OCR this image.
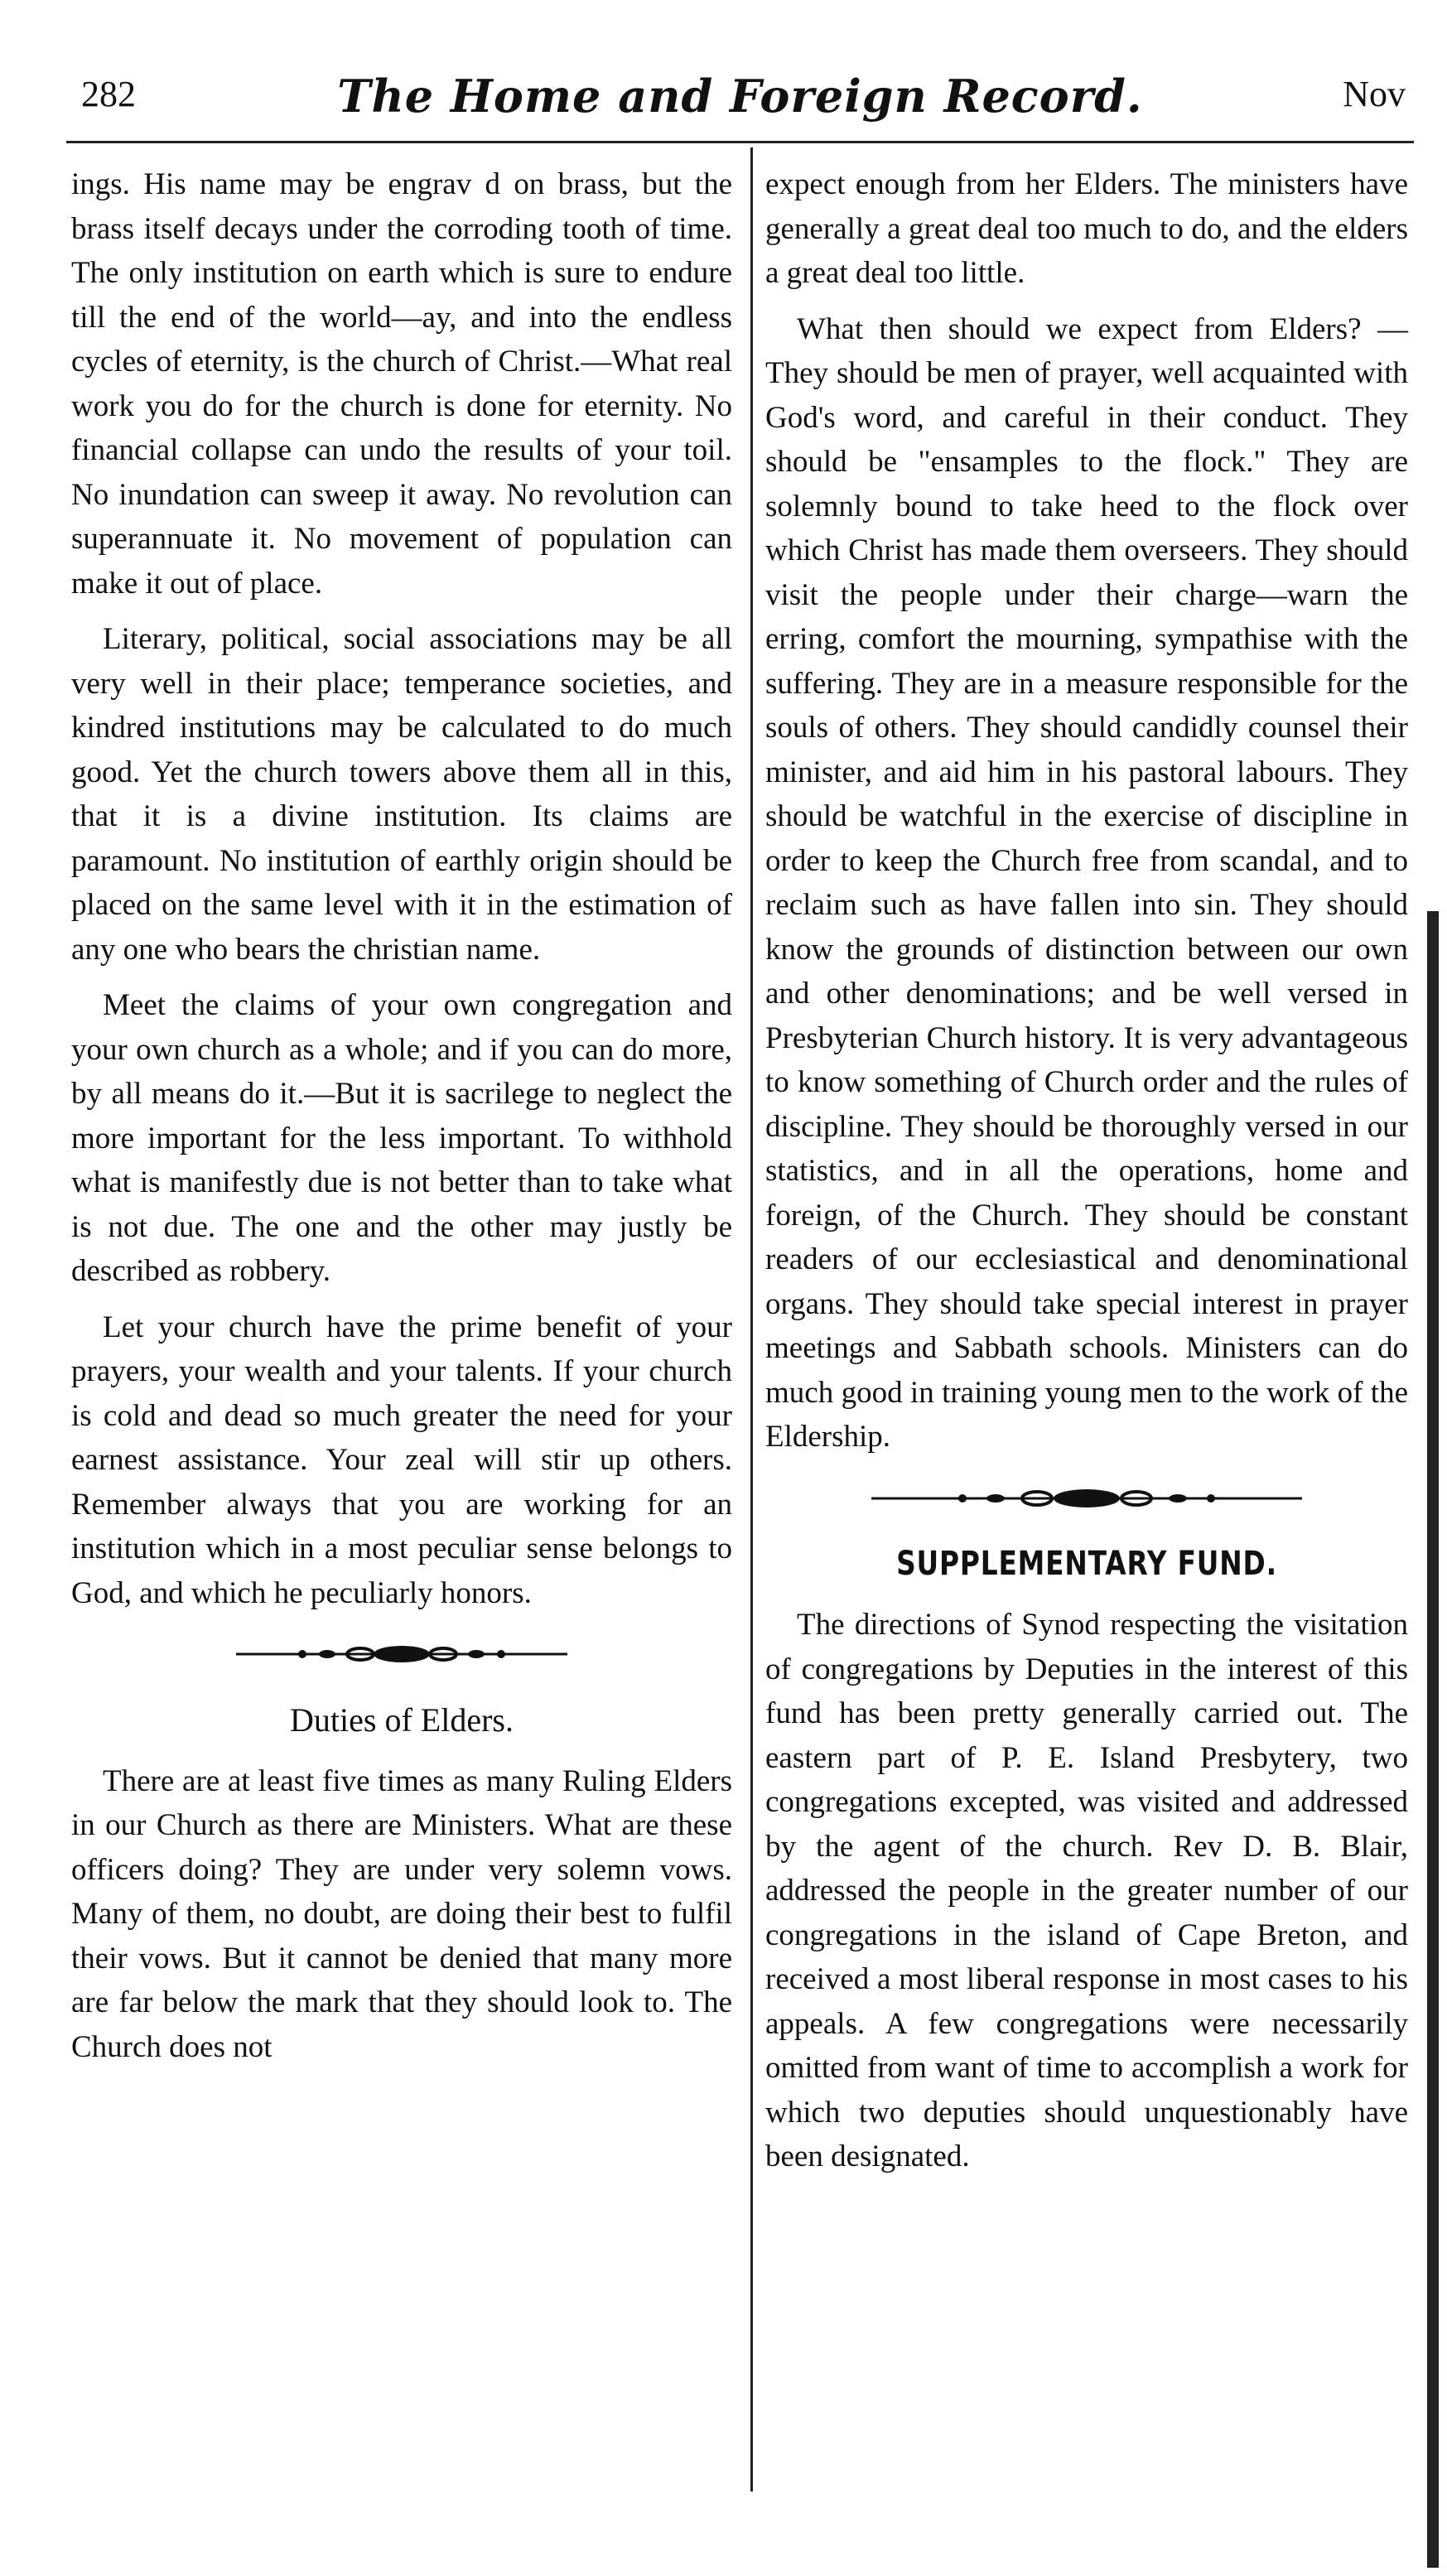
282	The Home and Foreign Record.	Nov

ings. His name may be engrav d on brass, but the brass itself decays under the corroding tooth of time. The only institution on earth which is sure to endure till the end of the world—ay, and into the endless cycles of eternity, is the church of Christ.—What real work you do for the church is done for eternity. No financial collapse can undo the results of your toil. No inundation can sweep it away. No revolution can superannuate it. No movement of population can make it out of place.

Literary, political, social associations may be all very well in their place; temperance societies, and kindred institutions may be calculated to do much good. Yet the church towers above them all in this, that it is a divine institution. Its claims are paramount. No institution of earthly origin should be placed on the same level with it in the estimation of any one who bears the christian name.

Meet the claims of your own congregation and your own church as a whole; and if you can do more, by all means do it.—But it is sacrilege to neglect the more important for the less important. To withhold what is manifestly due is not better than to take what is not due. The one and the other may justly be described as robbery.

Let your church have the prime benefit of your prayers, your wealth and your talents. If your church is cold and dead so much greater the need for your earnest assistance. Your zeal will stir up others. Remember always that you are working for an institution which in a most peculiar sense belongs to God, and which he peculiarly honors.

Duties of Elders.

There are at least five times as many Ruling Elders in our Church as there are Ministers. What are these officers doing? They are under very solemn vows. Many of them, no doubt, are doing their best to fulfil their vows. But it cannot be denied that many more are far below the mark that they should look to. The Church does not

expect enough from her Elders. The ministers have generally a great deal too much to do, and the elders a great deal too little.

What then should we expect from Elders? —They should be men of prayer, well acquainted with God's word, and careful in their conduct. They should be "ensamples to the flock." They are solemnly bound to take heed to the flock over which Christ has made them overseers. They should visit the people under their charge—warn the erring, comfort the mourning, sympathise with the suffering. They are in a measure responsible for the souls of others. They should candidly counsel their minister, and aid him in his pastoral labours. They should be watchful in the exercise of discipline in order to keep the Church free from scandal, and to reclaim such as have fallen into sin. They should know the grounds of distinction between our own and other denominations; and be well versed in Presbyterian Church history. It is very advantageous to know something of Church order and the rules of discipline. They should be thoroughly versed in our statistics, and in all the operations, home and foreign, of the Church. They should be constant readers of our ecclesiastical and denominational organs. They should take special interest in prayer meetings and Sabbath schools. Ministers can do much good in training young men to the work of the Eldership.

SUPPLEMENTARY FUND.

The directions of Synod respecting the visitation of congregations by Deputies in the interest of this fund has been pretty generally carried out. The eastern part of P. E. Island Presbytery, two congregations excepted, was visited and addressed by the agent of the church. Rev D. B. Blair, addressed the people in the greater number of our congregations in the island of Cape Breton, and received a most liberal response in most cases to his appeals. A few congregations were necessarily omitted from want of time to accomplish a work for which two deputies should unquestionably have been designated.
